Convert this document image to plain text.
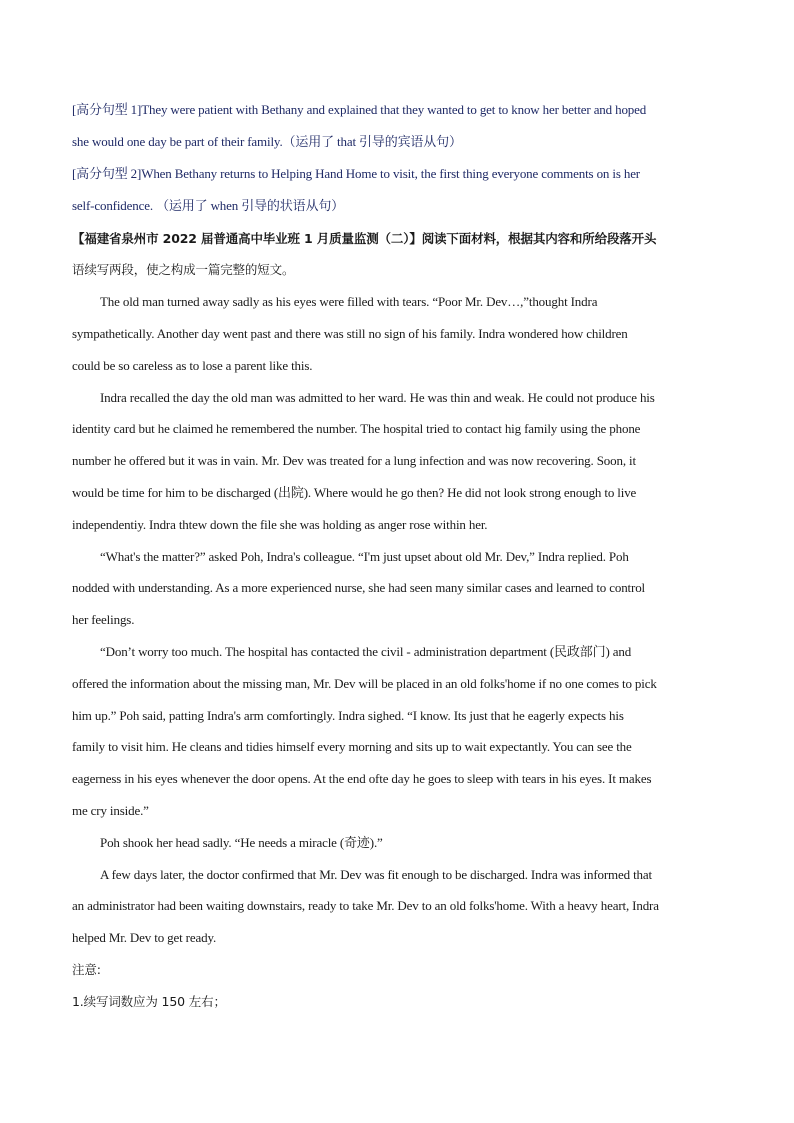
[高分句型 1]They were patient with Bethany and explained that they wanted to get to know her better and hoped
she would one day be part of their family.（运用了 that 引导的宾语从句）
[高分句型 2]When Bethany returns to Helping Hand Home to visit, the first thing everyone comments on is her
self-confidence. （运用了 when 引导的状语从句）
【福建省泉州市 2022 届普通高中毕业班 1 月质量监测（二）】阅读下面材料，根据其内容和所给段落开头
语续写两段，使之构成一篇完整的短文。
The old man turned away sadly as his eyes were filled with tears. “Poor Mr. Dev…,”thought Indra
sympathetically. Another day went past and there was still no sign of his family. Indra wondered how children
could be so careless as to lose a parent like this.
Indra recalled the day the old man was admitted to her ward. He was thin and weak. He could not produce his
identity card but he claimed he remembered the number. The hospital tried to contact hig family using the phone
number he offered but it was in vain. Mr. Dev was treated for a lung infection and was now recovering. Soon, it
would be time for him to be discharged (出院). Where would he go then? He did not look strong enough to live
independentiy. Indra thtew down the file she was holding as anger rose within her.
“What's the matter?” asked Poh, Indra's colleague. “I'm just upset about old Mr. Dev,” Indra replied. Poh
nodded with understanding. As a more experienced nurse, she had seen many similar cases and learned to control
her feelings.
“Don’t worry too much. The hospital has contacted the civil - administration department (民政部门) and
offered the information about the missing man, Mr. Dev will be placed in an old folks'home if no one comes to pick
him up.” Poh said, patting Indra's arm comfortingly. Indra sighed. “I know. Its just that he eagerly expects his
family to visit him. He cleans and tidies himself every morning and sits up to wait expectantly. You can see the
eagerness in his eyes whenever the door opens. At the end ofte day he goes to sleep with tears in his eyes. It makes
me cry inside.”
Poh shook her head sadly. “He needs a miracle (奇迹).”
A few days later, the doctor confirmed that Mr. Dev was fit enough to be discharged. Indra was informed that
an administrator had been waiting downstairs, ready to take Mr. Dev to an old folks'home. With a heavy heart, Indra
helped Mr. Dev to get ready.
注意:
1.续写词数应为 150 左右；
